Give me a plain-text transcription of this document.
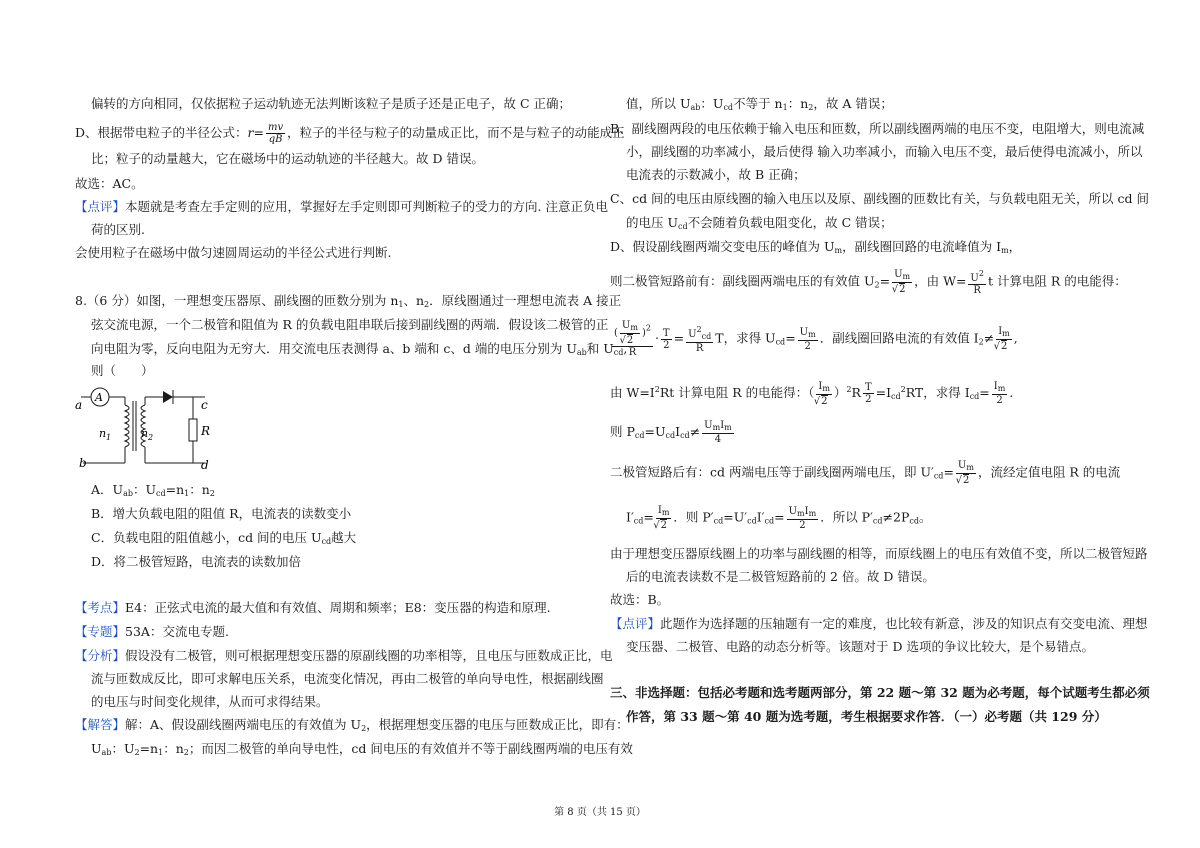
偏转的方向相同，仅依据粒子运动轨迹无法判断该粒子是质子还是正电子，故 C 正确；
D、根据带电粒子的半径公式：$r= \frac{mv}{qB}$ ，粒子的半径与粒子的动量成正比，而不是与粒子的动能成正
比；粒子的动量越大，它在磁场中的运动轨迹的半径越大。故 D 错误。
故选：AC。
【点评】本题就是考查左手定则的应用，掌握好左手定则即可判断粒子的受力的方向. 注意正负电
荷的区别.
会使用粒子在磁场中做匀速圆周运动的半径公式进行判断.
8.（6 分）如图，一理想变压器原、副线圈的匝数分别为 $n_1$、$n_2$．原线圈通过一理想电流表 A 接正
弦交流电源，一个二极管和阻值为 R 的负载电阻串联后接到副线圈的两端．假设该二极管的正
向电阻为零，反向电阻为无穷大．用交流电压表测得 a、b 端和 c、d 端的电压分别为 $U_{ab}$和 $U_{cd}$,
则（　　）
A
a
b
c
d
R
n 1	n 2
A．$U_{ab}$：$U_{cd}=n_1$：$n_2$
B．增大负载电阻的阻值 R，电流表的读数变小
C．负载电阻的阻值越小，cd 间的电压 $U_{cd}$越大
D．将二极管短路，电流表的读数加倍
【考点】E4：正弦式电流的最大值和有效值、周期和频率；E8：变压器的构造和原理.
【专题】53A：交流电专题.
【分析】假设没有二极管，则可根据理想变压器的原副线圈的功率相等，且电压与匝数成正比，电
流与匝数成反比，即可求解电压关系，电流变化情况，再由二极管的单向导电性，根据副线圈
的电压与时间变化规律，从而可求得结果。
【解答】解：A、假设副线圈两端电压的有效值为 $U_2$，根据理想变压器的电压与匝数成正比，即有：
$U_{ab}$：$U_2=n_1$：$n_2$；而因二极管的单向导电性，cd 间电压的有效值并不等于副线圈两端的电压有效
值，所以 $U_{ab}$：$U_{cd}$不等于 $n_1$：$n_2$，故 A 错误；
B、副线圈两段的电压依赖于输入电压和匝数，所以副线圈两端的电压不变，电阻增大，则电流减
小，副线圈的功率减小，最后使得 输入功率减小，而输入电压不变，最后使得电流减小，所以
电流表的示数减小，故 B 正确；
C、cd 间的电压由原线圈的输入电压以及原、副线圈的匝数比有关，与负载电阻无关，所以 cd 间
的电压 $U_{cd}$不会随着负载电阻变化，故 C 错误；
D、假设副线圈两端交变电压的峰值为 $U_m$，副线圈回路的电流峰值为 $I_m$，
则二极管短路前有：副线圈两端电压的有效值 $U_2= U_m$
√ 2 ，由 $W= \frac{U^2}{R}$ t 计算电阻 R 的电能得：
( $U_m$
√ 2 )$^2$
$R \cdot \frac{T}{2} = \frac{U^2_{cd}}{R}$ T，求得 $U_{cd}= \frac{U_m}{2}$ ．副线圈回路电流的有效值 $I_2\ne I_m$
√ 2 ,
由 $W=I^2Rt$ 计算电阻 R 的电能得：（ $I_m$
√ 2 ）$^2R \frac{T}{2} =I_{cd}^2RT$，求得 $I_{cd}= \frac{I_m}{2}$ .
则 $P_{cd}=U_{cd}I_{cd}\ne \frac{U_mI_m}{4}$
二极管短路后有：cd 两端电压等于副线圈两端电压，即 $U'_{cd}= U_m$
√ 2 ，流经定值电阻 R 的电流
$I'_{cd}= I_m$
√ 2 ．则 $P'_{cd}=U'_{cd}I'_{cd}= \frac{U_mI_m}{2}$ ．所以 $P'_{cd}\ne 2P_{cd}$。
由于理想变压器原线圈上的功率与副线圈的相等，而原线圈上的电压有效值不变，所以二极管短路
后的电流表读数不是二极管短路前的 2 倍。故 D 错误。
故选：B。
【点评】此题作为选择题的压轴题有一定的难度，也比较有新意，涉及的知识点有交变电流、理想
变压器、二极管、电路的动态分析等。该题对于 D 选项的争议比较大，是个易错点。
三、非选择题：包括必考题和选考题两部分，第 22 题～第 32 题为必考题，每个试题考生都必须
作答，第 33 题～第 40 题为选考题，考生根据要求作答．（一）必考题（共 129 分）
第 8 页（共 15 页）
